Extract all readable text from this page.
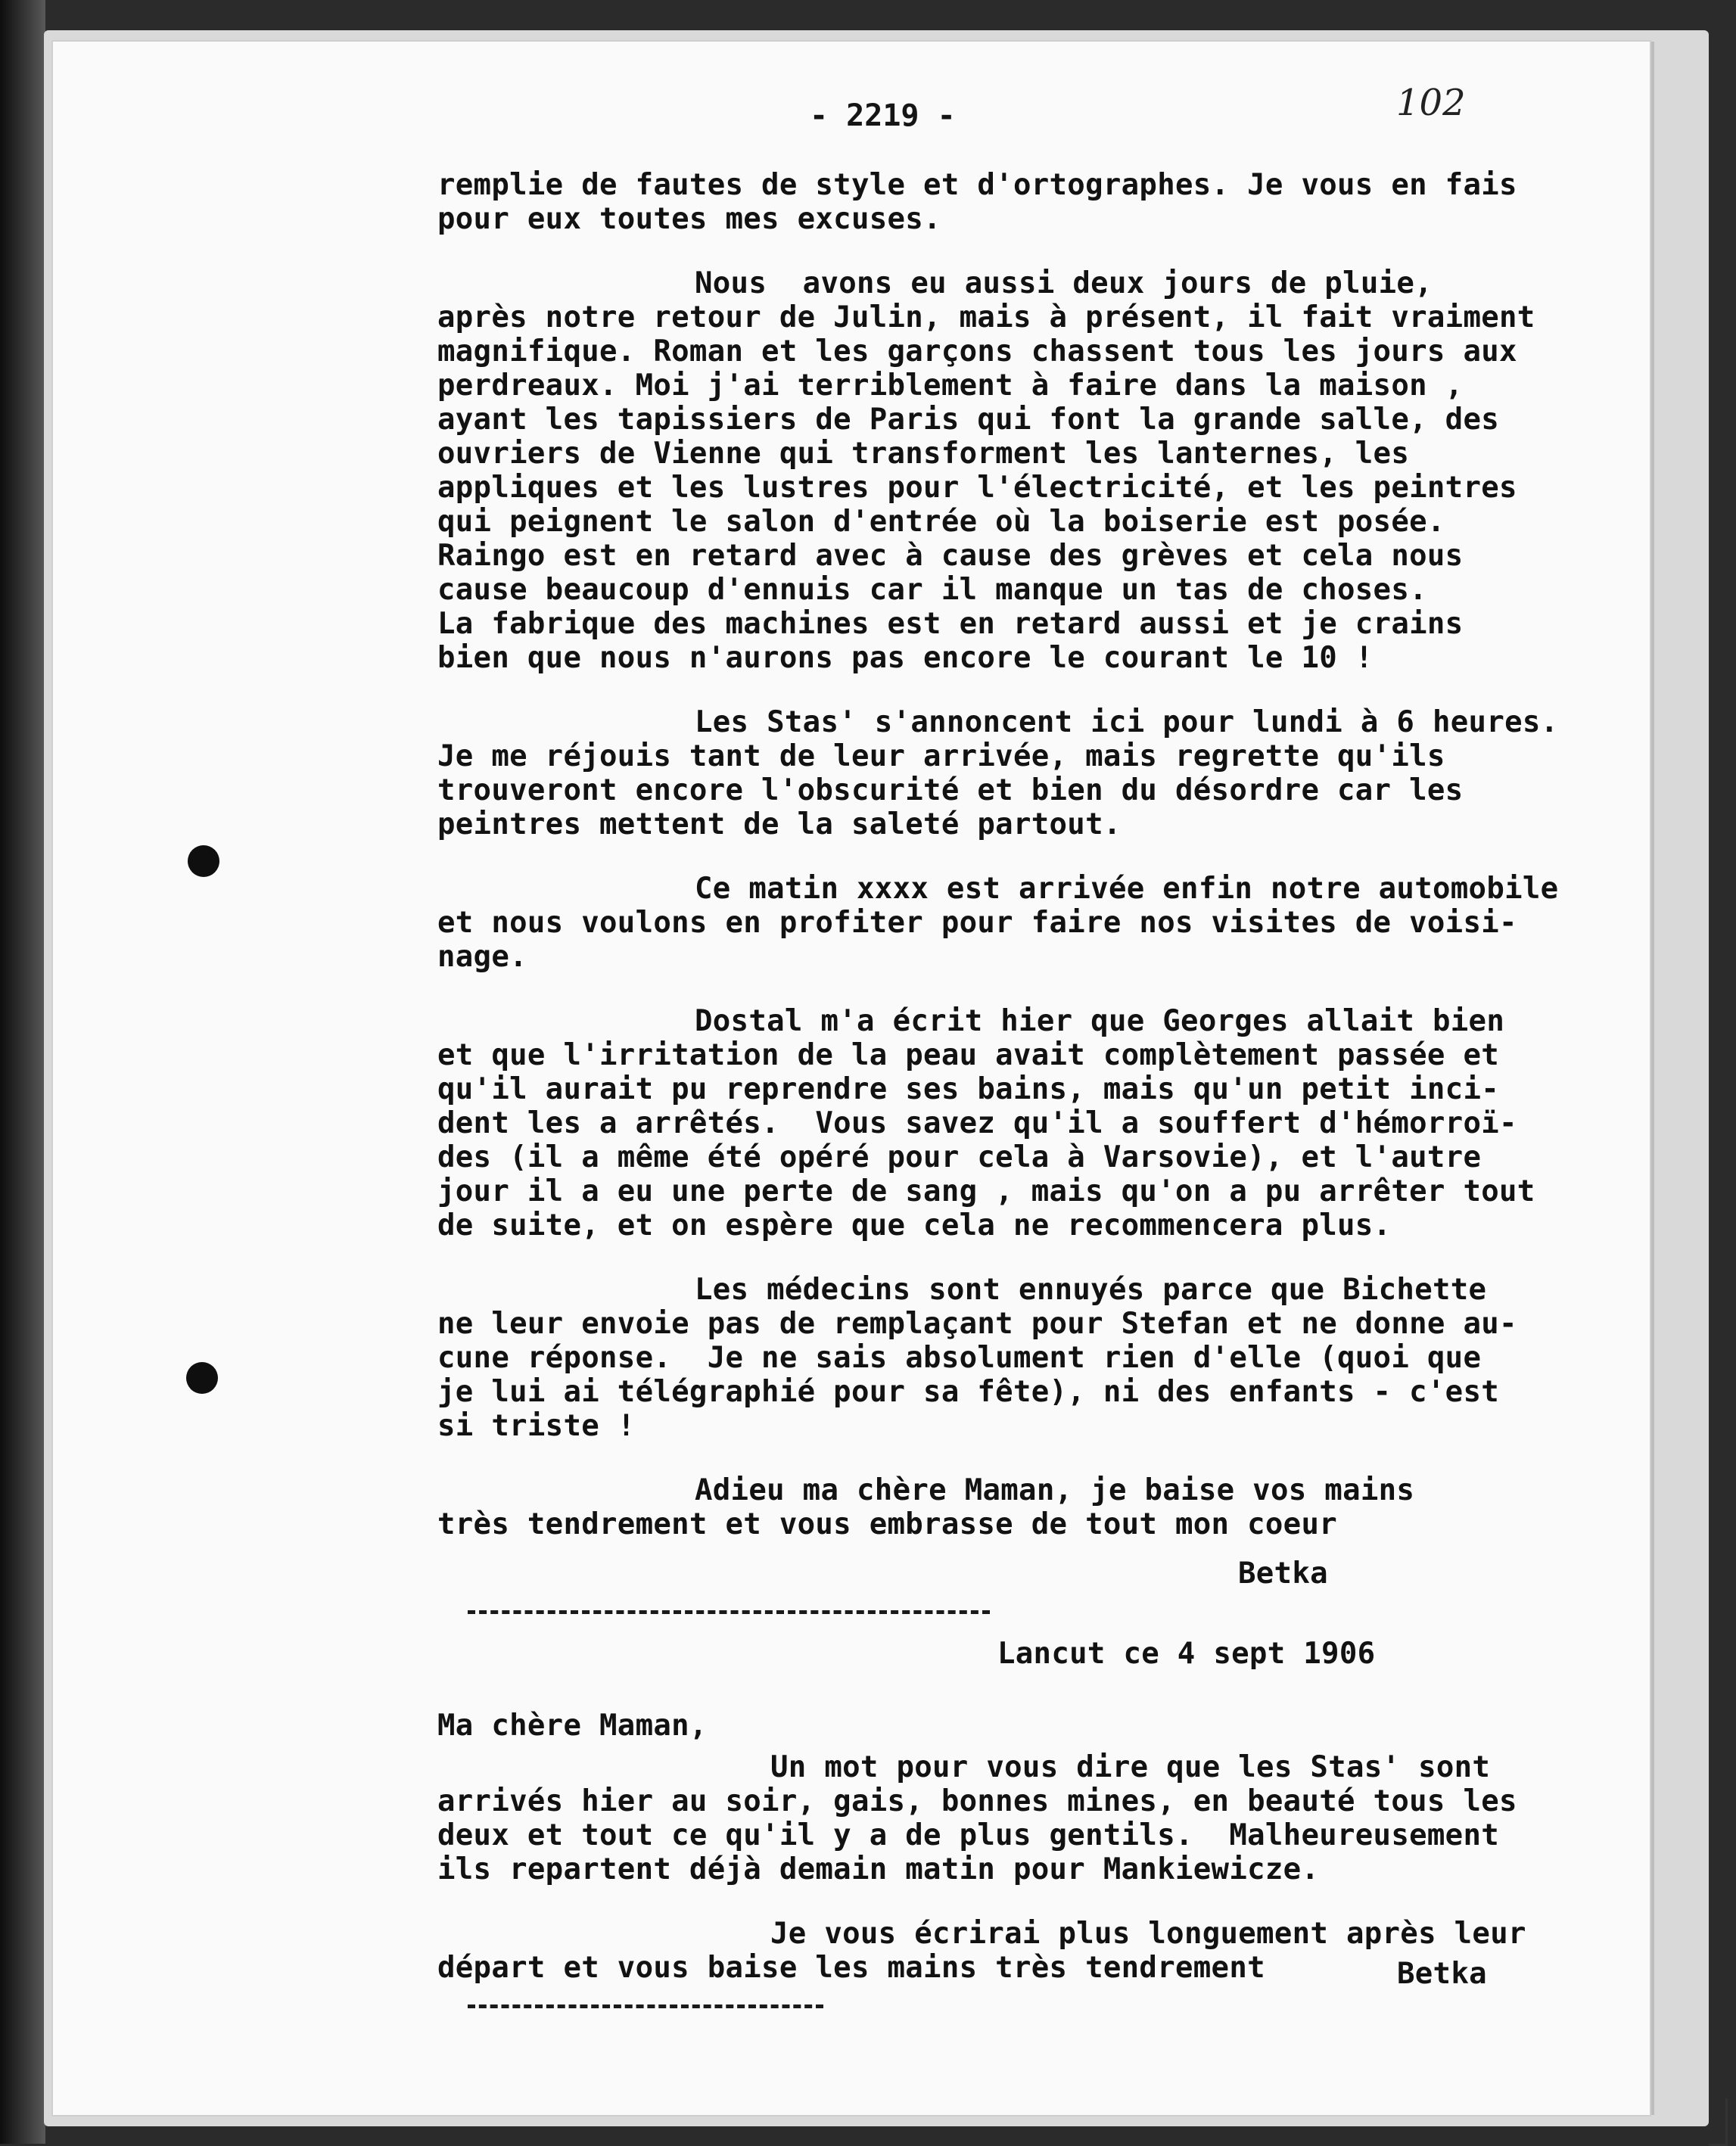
- 2219 -	102
remplie de fautes de style et d'ortographes. Je vous en fais
pour eux toutes mes excuses.
Nous  avons eu aussi deux jours de pluie,
après notre retour de Julin, mais à présent, il fait vraiment
magnifique. Roman et les garçons chassent tous les jours aux
perdreaux. Moi j'ai terriblement à faire dans la maison ,
ayant les tapissiers de Paris qui font la grande salle, des
ouvriers de Vienne qui transforment les lanternes, les
appliques et les lustres pour l'électricité, et les peintres
qui peignent le salon d'entrée où la boiserie est posée.
Raingo est en retard avec à cause des grèves et cela nous
cause beaucoup d'ennuis car il manque un tas de choses.
La fabrique des machines est en retard aussi et je crains
bien que nous n'aurons pas encore le courant le 10 !
Les Stas' s'annoncent ici pour lundi à 6 heures.
Je me réjouis tant de leur arrivée, mais regrette qu'ils
trouveront encore l'obscurité et bien du désordre car les
peintres mettent de la saleté partout.
Ce matin xxxx est arrivée enfin notre automobile
et nous voulons en profiter pour faire nos visites de voisi-
nage.
Dostal m'a écrit hier que Georges allait bien
et que l'irritation de la peau avait complètement passée et
qu'il aurait pu reprendre ses bains, mais qu'un petit inci-
dent les a arrêtés.  Vous savez qu'il a souffert d'hémorroï-
des (il a même été opéré pour cela à Varsovie), et l'autre
jour il a eu une perte de sang , mais qu'on a pu arrêter tout
de suite, et on espère que cela ne recommencera plus.
Les médecins sont ennuyés parce que Bichette
ne leur envoie pas de remplaçant pour Stefan et ne donne au-
cune réponse.  Je ne sais absolument rien d'elle (quoi que
je lui ai télégraphié pour sa fête), ni des enfants - c'est
si triste !
Adieu ma chère Maman, je baise vos mains
très tendrement et vous embrasse de tout mon coeur
Betka
Lancut ce 4 sept 1906
Ma chère Maman,
Un mot pour vous dire que les Stas' sont
arrivés hier au soir, gais, bonnes mines, en beauté tous les
deux et tout ce qu'il y a de plus gentils.  Malheureusement
ils repartent déjà demain matin pour Mankiewicze.
Je vous écrirai plus longuement après leur
départ et vous baise les mains très tendrement	Betka
